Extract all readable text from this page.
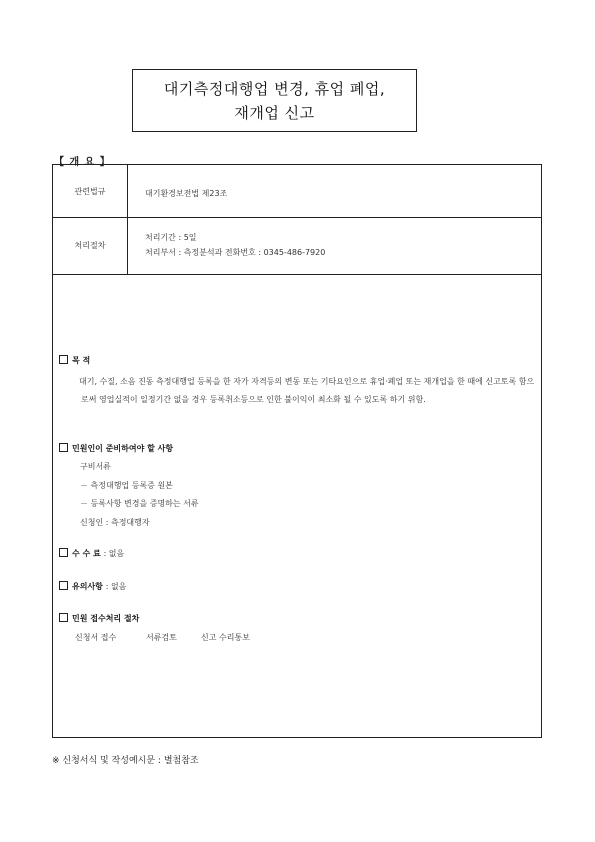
대기측정대행업 변경, 휴업 폐업,
재개업 신고
【 개 요 】
관련법규	대기환경보전법 제23조
처리절차
처리기간 : 5일
처리부서 : 측정분석과 전화번호 : 0345-486-7920
목 적
대기, 수질, 소음 진동 측정대행업 등록을 한 자가 자격등의 변동 또는 기타요인으로 휴업·폐업 또는 재개업을 한 때에 신고토록 함으로써 영업실적이 일정기간 없을 경우 등록취소등으로 인한 불이익이 최소화 될 수 있도록 하기 위함.
민원인이 준비하여야 할 사항
구비서류
－ 측정대행업 등록증 원본
－ 등록사항 변경을 증명하는 서류
신청인 : 측정대행자
수 수 료 : 없음
유의사항 : 없음
민원 접수처리 절차
신청서 접수	서류검토	신고 수리통보
※ 신청서식 및 작성예시문 : 별첨참조
